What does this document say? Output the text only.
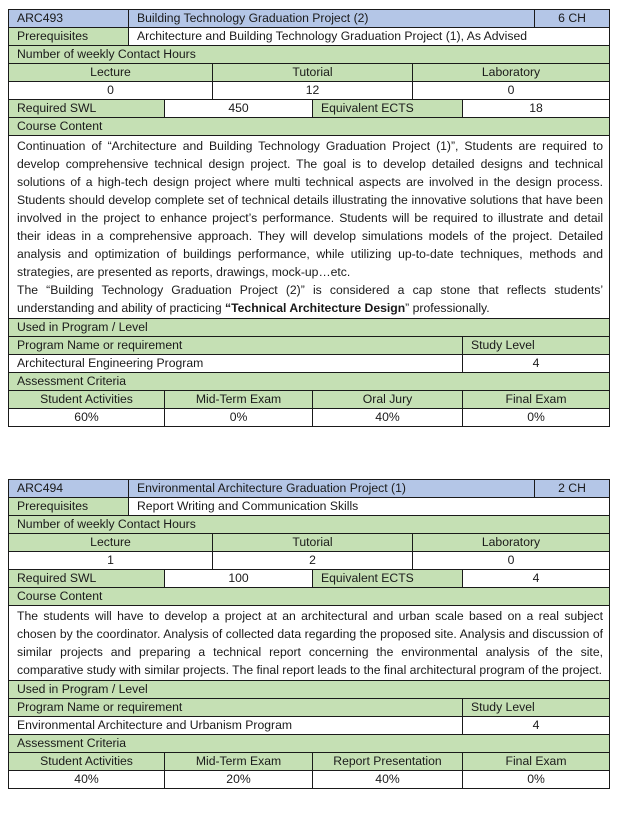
ARC493	Building Technology Graduation Project (2)						6 CH
Prerequisites	Architecture and Building Technology Graduation Project (1), As Advised						
Number of weekly Contact Hours							
Lecture			Tutorial		Laboratory		
0			12		0		
Required SWL		450		Equivalent ECTS		18	
Course Content							

Continuation of “Architecture and Building Technology Graduation Project (1)”, Students are required to develop comprehensive technical design project. The goal is to develop detailed designs and technical solutions of a high-tech design project where multi technical aspects are involved in the design process. Students should develop complete set of technical details illustrating the innovative solutions that have been involved in the project to enhance project’s performance. Students will be required to illustrate and detail their ideas in a comprehensive approach. They will develop simulations models of the project. Detailed analysis and optimization of buildings performance, while utilizing up-to-date techniques, methods and strategies, are presented as reports, drawings, mock-up…etc.

The “Building Technology Graduation Project (2)” is considered a cap stone that reflects students’ understanding and ability of practicing “Technical Architecture Design” professionally.							

Used in Program / Level							
Program Name or requirement						Study Level	
Architectural Engineering Program						4	
Assessment Criteria							
Student Activities		Mid-Term Exam		Oral Jury		Final Exam	
60%		0%		40%		0%	
ARC494	Environmental Architecture Graduation Project (1)						2 CH
Prerequisites	Report Writing and Communication Skills						
Number of weekly Contact Hours							
Lecture			Tutorial		Laboratory		
1			2		0		
Required SWL		100		Equivalent ECTS		4	
Course Content							

The students will have to develop a project at an architectural and urban scale based on a real subject chosen by the coordinator. Analysis of collected data regarding the proposed site. Analysis and discussion of similar projects and preparing a technical report concerning the environmental analysis of the site, comparative study with similar projects. The final report leads to the final architectural program of the project.							

Used in Program / Level							
Program Name or requirement						Study Level	
Environmental Architecture and Urbanism Program						4	
Assessment Criteria							
Student Activities		Mid-Term Exam		Report Presentation		Final Exam	
40%		20%		40%		0%	
